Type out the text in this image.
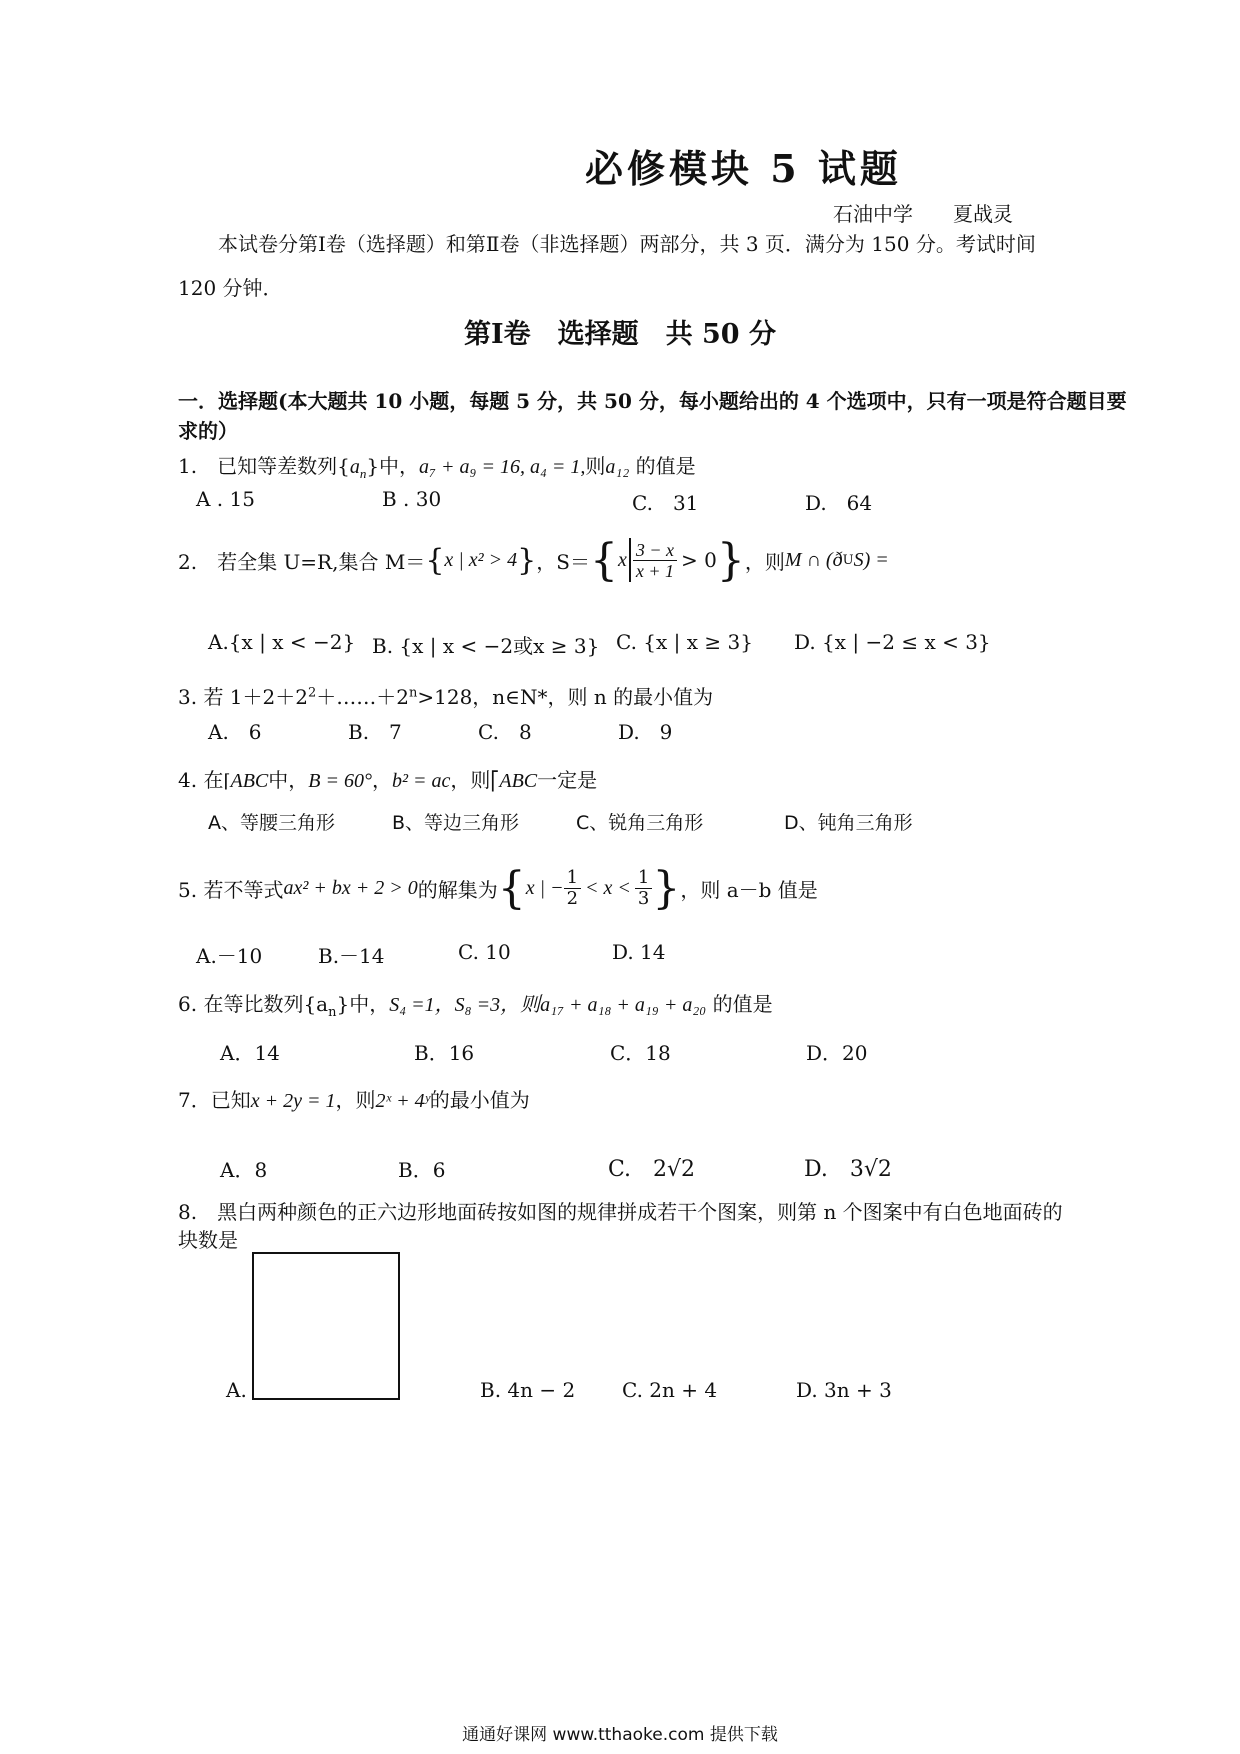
必修模块 5 试题
石油中学　　夏战灵
本试卷分第Ⅰ卷（选择题）和第Ⅱ卷（非选择题）两部分，共 3 页．满分为 150 分。考试时间
120 分钟．
第Ⅰ卷　选择题　共 50 分
一．选择题(本大题共 10 小题，每题 5 分，共 50 分，每小题给出的 4 个选项中，只有一项是符合题目要求的）
1.　已知等差数列$\{a_n\}$中，a₇ + a₉ = 16, a₄ = 1,则a₁₂ 的值是
A . 15	B . 30	C.　31	D.　64
2.　若全集 U=R,集合 M＝ { x | x² > 4 } ，S＝ { x $\frac{3 - x}{x + 1} > 0$ } ，则 M ∩ (ð U S) =
A.{x | x < −2} B. {x | x < −2或x ≥ 3} C. {x | x ≥ 3} D. {x | −2 ≤ x < 3}
3. 若 $1+2+2^2+\dots\dots+2^n>128$，n∈N*，则 n 的最小值为
A.　6	B.　7	C.　8	D.　9
4. 在⌈ABC中，B = 60°，b² = ac，则⎡ABC一定是
A、等腰三角形	B、等边三角形	C、锐角三角形	D、钝角三角形
5. 若不等式 ax² + bx + 2 > 0 的解集为 { x | − $\frac{1}{2} < x < \frac{1}{3}$ } ，则 a－b 值是
A.－10	B.－14	C. 10	D. 14
6. 在等比数列$\{a_n\}$中，S₄ =1，S₈ =3，则a₁₇ + a₁₈ + a₁₉ + a₂₀ 的值是
A．14	B．16	C．18	D．20
7．已知x + 2y = 1，则2ˣ + 4ʸ的最小值为
A．8	B．6	C.　2√2	D.　3√2
8.　黑白两种颜色的正六边形地面砖按如图的规律拼成若干个图案，则第 n 个图案中有白色地面砖的
块数是
A.	B. 4n − 2 C. 2n + 4	D. 3n + 3
通通好课网 www.tthaoke.com 提供下载
